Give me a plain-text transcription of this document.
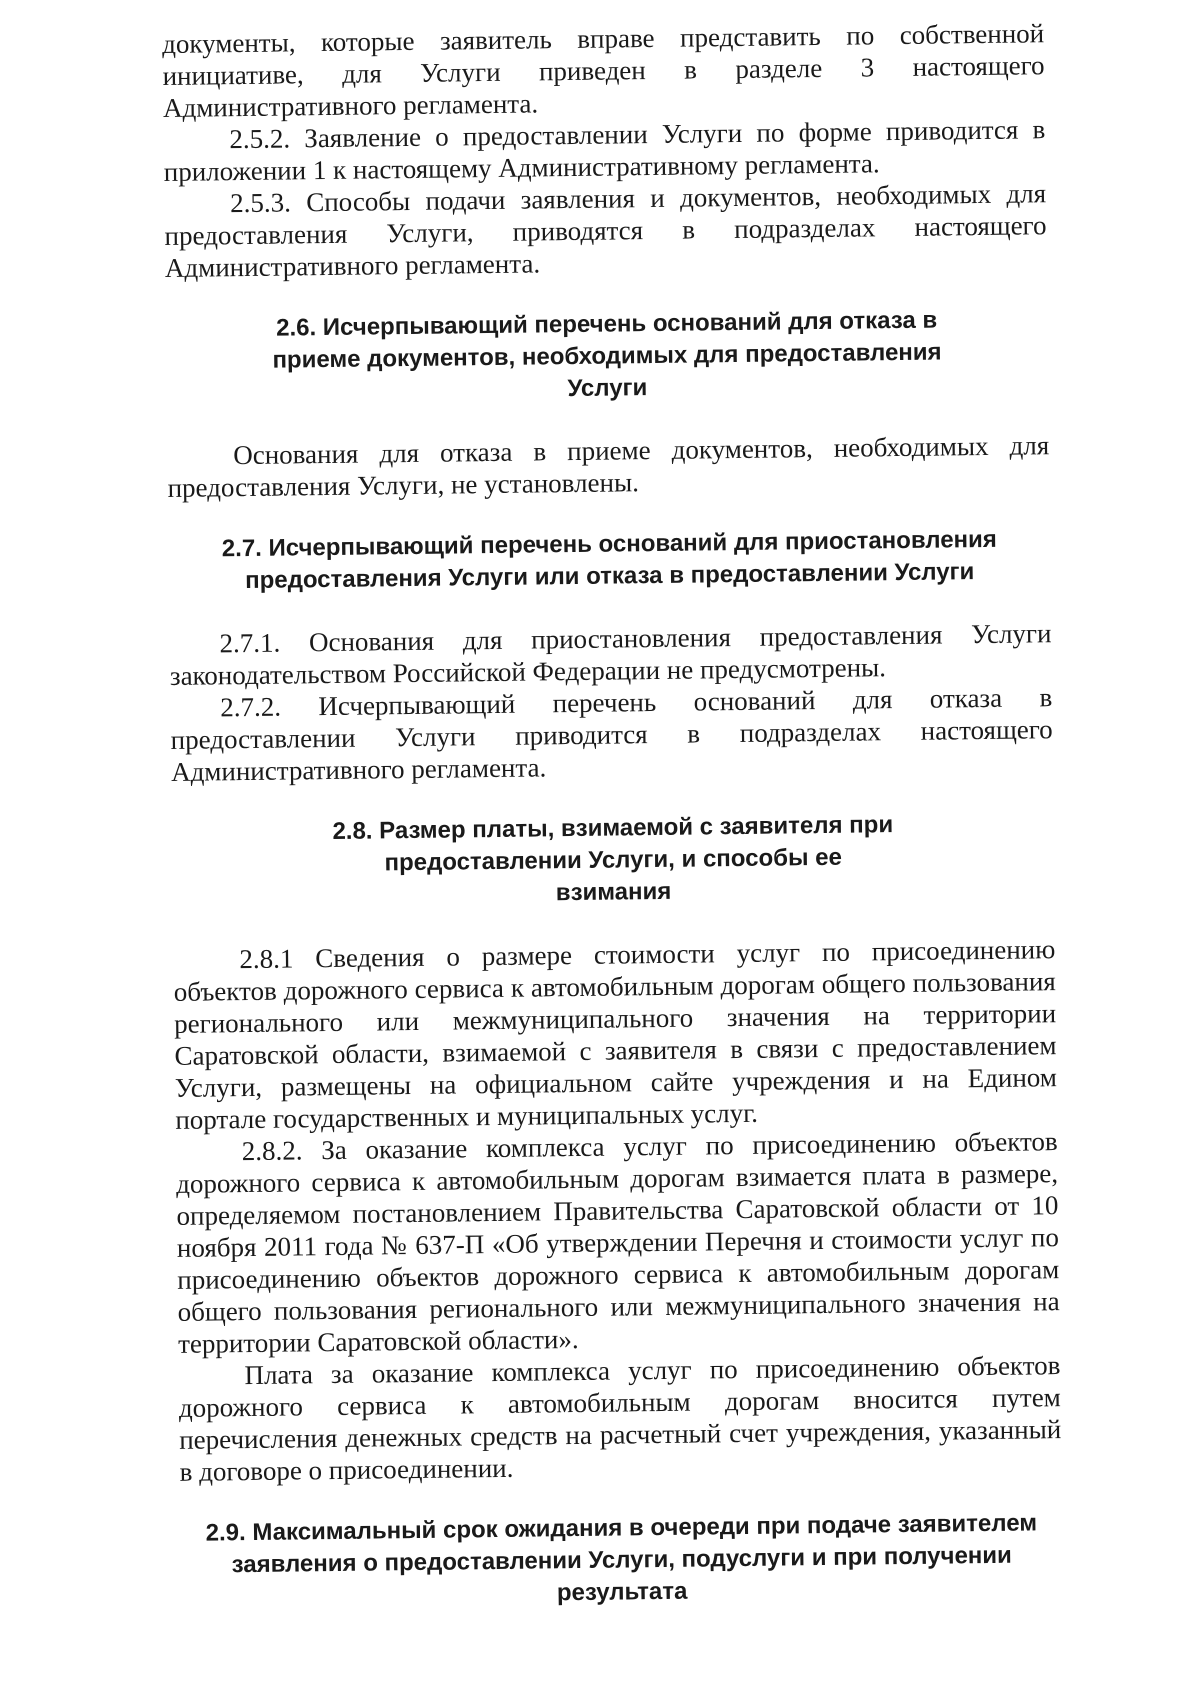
документы, которые заявитель вправе представить по собственной инициативе, для Услуги приведен в разделе 3 настоящего Административного регламента.

2.5.2. Заявление о предоставлении Услуги по форме приводится в приложении 1 к настоящему Административному регламента.

2.5.3. Способы подачи заявления и документов, необходимых для предоставления Услуги, приводятся в подразделах настоящего Административного регламента.

2.6. Исчерпывающий перечень оснований для отказа в приеме документов, необходимых для предоставления Услуги

Основания для отказа в приеме документов, необходимых для предоставления Услуги, не установлены.

2.7. Исчерпывающий перечень оснований для приостановления предоставления Услуги или отказа в предоставлении Услуги

2.7.1. Основания для приостановления предоставления Услуги законодательством Российской Федерации не предусмотрены.

2.7.2. Исчерпывающий перечень оснований для отказа в предоставлении Услуги приводится в подразделах настоящего Административного регламента.

2.8. Размер платы, взимаемой с заявителя при предоставлении Услуги, и способы ее взимания

2.8.1 Сведения о размере стоимости услуг по присоединению объектов дорожного сервиса к автомобильным дорогам общего пользования регионального или межмуниципального значения на территории Саратовской области, взимаемой с заявителя в связи с предоставлением Услуги, размещены на официальном сайте учреждения и на Едином портале государственных и муниципальных услуг.

2.8.2. За оказание комплекса услуг по присоединению объектов дорожного сервиса к автомобильным дорогам взимается плата в размере, определяемом постановлением Правительства Саратовской области от 10 ноября 2011 года № 637-П «Об утверждении Перечня и стоимости услуг по присоединению объектов дорожного сервиса к автомобильным дорогам общего пользования регионального или межмуниципального значения на территории Саратовской области».

Плата за оказание комплекса услуг по присоединению объектов дорожного сервиса к автомобильным дорогам вносится путем перечисления денежных средств на расчетный счет учреждения, указанный в договоре о присоединении.

2.9. Максимальный срок ожидания в очереди при подаче заявителем заявления о предоставлении Услуги, подуслуги и при получении результата
